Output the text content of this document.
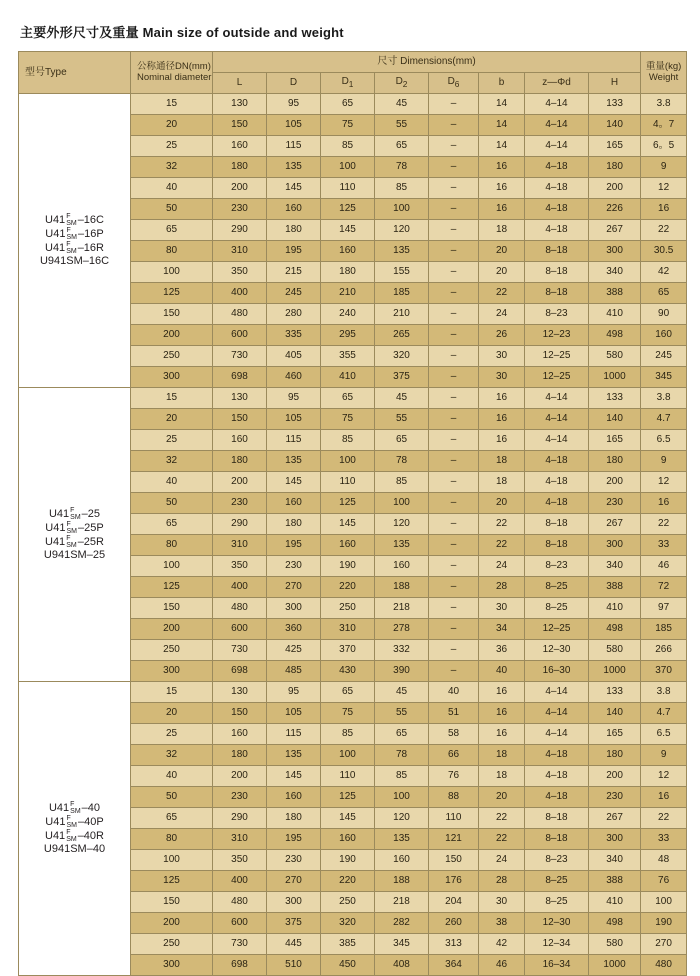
主要外形尺寸及重量 Main size of outside and weight
型号Type	
公称通径DN(mm)
Nominal diameter
	尺寸 Dimensions(mm)	重量(kg)
Weight

		L	D	$D_1$	$D_2$	$D_6$	b	z—Φd	H	

U41 F
SM –16C
U41 F
SM –16P
U41 F
SM –16R
U941SM–16C
	15	130	95	65	45	–	14	4–14	133	3.8
	20	150	105	75	55	–	14	4–14	140	4。7
	25	160	115	85	65	–	14	4–14	165	6。5
	32	180	135	100	78	–	16	4–18	180	9
	40	200	145	110	85	–	16	4–18	200	12
	50	230	160	125	100	–	16	4–18	226	16
	65	290	180	145	120	–	18	4–18	267	22
	80	310	195	160	135	–	20	8–18	300	30.5
	100	350	215	180	155	–	20	8–18	340	42
	125	400	245	210	185	–	22	8–18	388	65
	150	480	280	240	210	–	24	8–23	410	90
	200	600	335	295	265	–	26	12–23	498	160
	250	730	405	355	320	–	30	12–25	580	245
	300	698	460	410	375	–	30	12–25	1000	345

U41 F
SM –25
U41 F
SM –25P
U41 F
SM –25R
U941SM–25
	15	130	95	65	45	–	16	4–14	133	3.8
	20	150	105	75	55	–	16	4–14	140	4.7
	25	160	115	85	65	–	16	4–14	165	6.5
	32	180	135	100	78	–	18	4–18	180	9
	40	200	145	110	85	–	18	4–18	200	12
	50	230	160	125	100	–	20	4–18	230	16
	65	290	180	145	120	–	22	8–18	267	22
	80	310	195	160	135	–	22	8–18	300	33
	100	350	230	190	160	–	24	8–23	340	46
	125	400	270	220	188	–	28	8–25	388	72
	150	480	300	250	218	–	30	8–25	410	97
	200	600	360	310	278	–	34	12–25	498	185
	250	730	425	370	332	–	36	12–30	580	266
	300	698	485	430	390	–	40	16–30	1000	370

U41 F
SM –40
U41 F
SM –40P
U41 F
SM –40R
U941SM–40
	15	130	95	65	45	40	16	4–14	133	3.8
	20	150	105	75	55	51	16	4–14	140	4.7
	25	160	115	85	65	58	16	4–14	165	6.5
	32	180	135	100	78	66	18	4–18	180	9
	40	200	145	110	85	76	18	4–18	200	12
	50	230	160	125	100	88	20	4–18	230	16
	65	290	180	145	120	110	22	8–18	267	22
	80	310	195	160	135	121	22	8–18	300	33
	100	350	230	190	160	150	24	8–23	340	48
	125	400	270	220	188	176	28	8–25	388	76
	150	480	300	250	218	204	30	8–25	410	100
	200	600	375	320	282	260	38	12–30	498	190
	250	730	445	385	345	313	42	12–34	580	270
	300	698	510	450	408	364	46	16–34	1000	480
